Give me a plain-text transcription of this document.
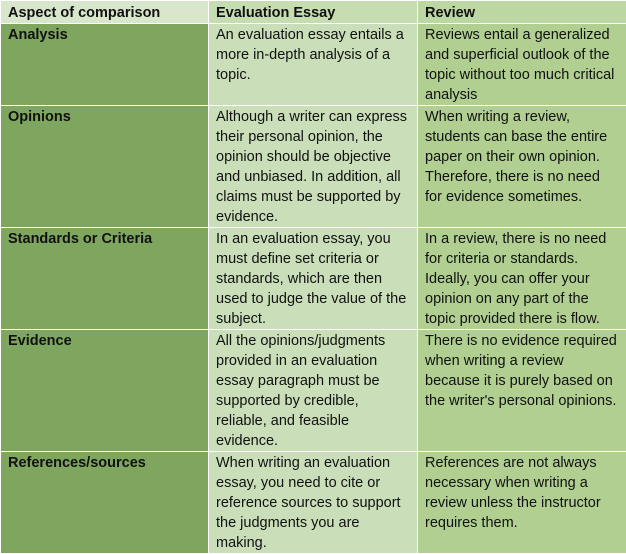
Aspect of comparison	Evaluation Essay	Review
Analysis	An evaluation essay entails a more in-depth analysis of a topic.	Reviews entail a generalized and superficial outlook of the topic without too much critical analysis
Opinions	Although a writer can express their personal opinion, the opinion should be objective and unbiased. In addition, all claims must be supported by evidence.	When writing a review, students can base the entire paper on their own opinion. Therefore, there is no need for evidence sometimes.
Standards or Criteria	In an evaluation essay, you must define set criteria or standards, which are then used to judge the value of the subject.	In a review, there is no need for criteria or standards. Ideally, you can offer your opinion on any part of the topic provided there is flow.
Evidence	All the opinions/judgments provided in an evaluation essay paragraph must be supported by credible, reliable, and feasible evidence.	There is no evidence required when writing a review because it is purely based on the writer's personal opinions.
References/sources	When writing an evaluation essay, you need to cite or reference sources to support the judgments you are making.	References are not always necessary when writing a review unless the instructor requires them.
